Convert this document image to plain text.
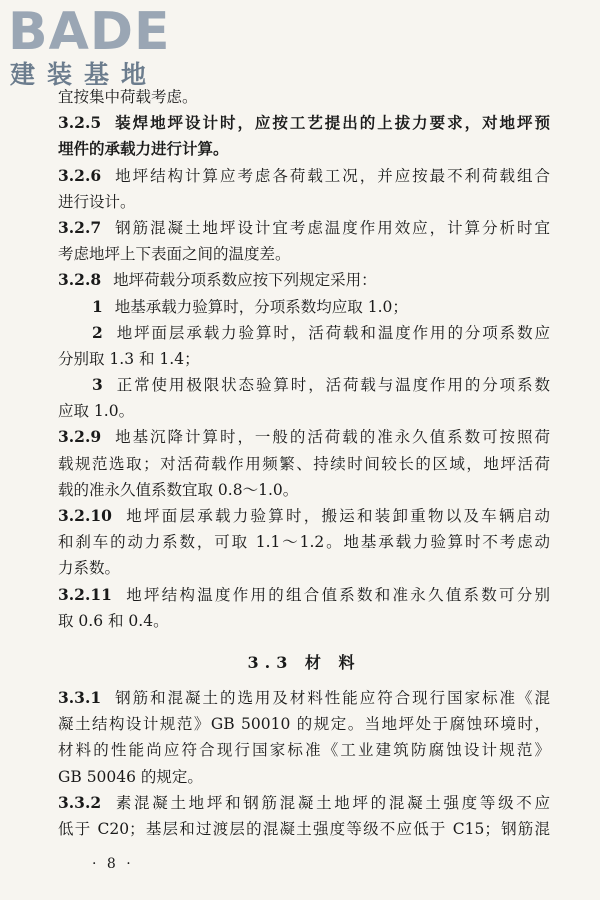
BADE
建装基地
宜按集中荷载考虑。
3.2.5 装焊地坪设计时，应按工艺提出的上拔力要求，对地坪预
埋件的承载力进行计算。
3.2.6 地坪结构计算应考虑各荷载工况，并应按最不利荷载组合
进行设计。
3.2.7 钢筋混凝土地坪设计宜考虑温度作用效应，计算分析时宜
考虑地坪上下表面之间的温度差。
3.2.8 地坪荷载分项系数应按下列规定采用：
1 地基承载力验算时，分项系数均应取 1.0；
2 地坪面层承载力验算时，活荷载和温度作用的分项系数应
分别取 1.3 和 1.4；
3 正常使用极限状态验算时，活荷载与温度作用的分项系数
应取 1.0。
3.2.9 地基沉降计算时，一般的活荷载的准永久值系数可按照荷
载规范选取；对活荷载作用频繁、持续时间较长的区域，地坪活荷
载的准永久值系数宜取 0.8～1.0。
3.2.10 地坪面层承载力验算时，搬运和装卸重物以及车辆启动
和刹车的动力系数，可取 1.1～1.2。地基承载力验算时不考虑动
力系数。
3.2.11 地坪结构温度作用的组合值系数和准永久值系数可分别
取 0.6 和 0.4。
3.3 材 料
3.3.1 钢筋和混凝土的选用及材料性能应符合现行国家标准《混
凝土结构设计规范》GB 50010 的规定。当地坪处于腐蚀环境时，
材料的性能尚应符合现行国家标准《工业建筑防腐蚀设计规范》
GB 50046 的规定。
3.3.2 素混凝土地坪和钢筋混凝土地坪的混凝土强度等级不应
低于 C20；基层和过渡层的混凝土强度等级不应低于 C15；钢筋混
· 8 ·
